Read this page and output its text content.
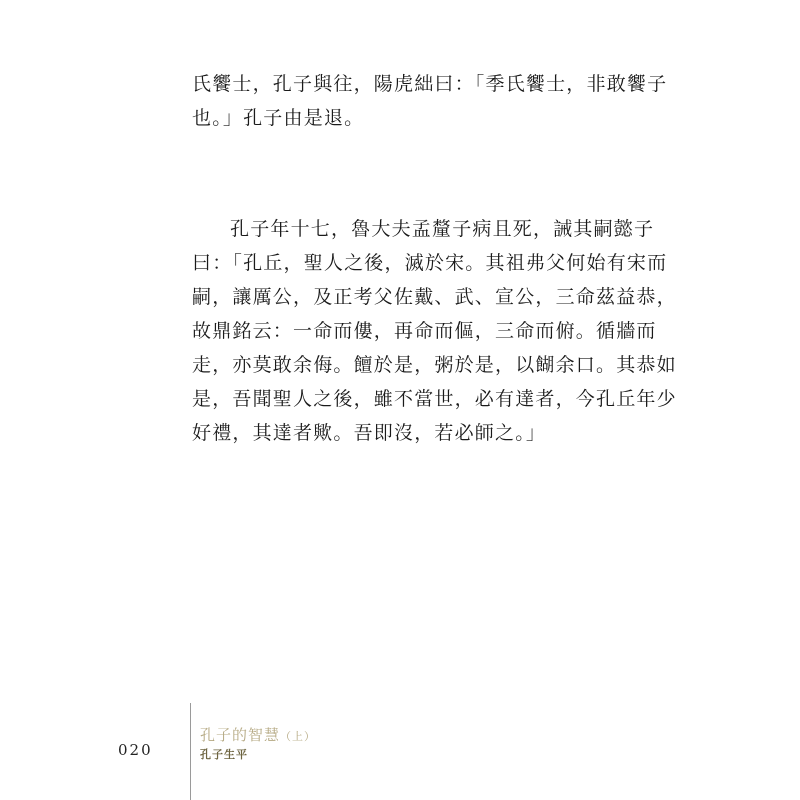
氏饗士，孔子與往，陽虎絀曰：「季氏饗士，非敢饗子
也。」孔子由是退。
孔子年十七，魯大夫孟釐子病且死，誡其嗣懿子
曰：「孔丘，聖人之後，滅於宋。其祖弗父何始有宋而
嗣，讓厲公，及正考父佐戴、武、宣公，三命茲益恭，
故鼎銘云：一命而僂，再命而傴，三命而俯。循牆而
走，亦莫敢余侮。饘於是，粥於是，以餬余口。其恭如
是，吾聞聖人之後，雖不當世，必有達者，今孔丘年少
好禮，其達者歟。吾即沒，若必師之。」
020
孔子的智慧（上）
孔子生平
